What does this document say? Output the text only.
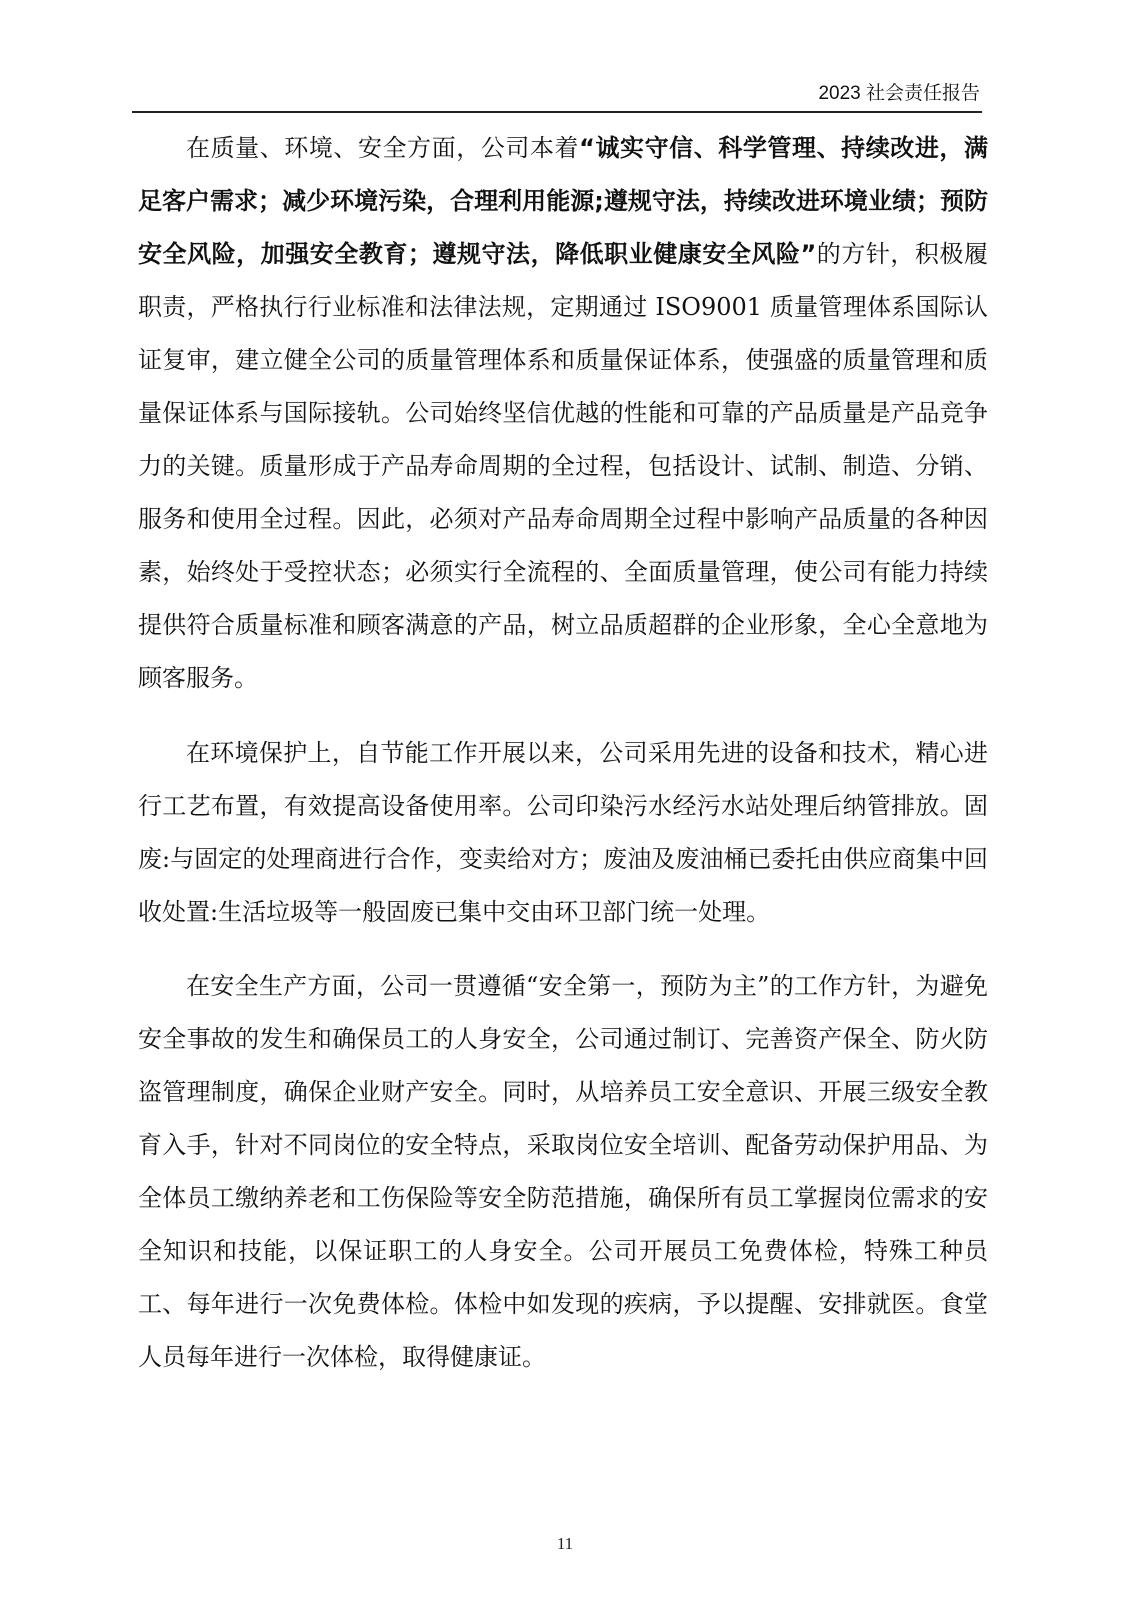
2023 社会责任报告

在质量、环境、安全方面，公司本着“诚实守信、科学管理、持续改进，满足客户需求；减少环境污染，合理利用能源;遵规守法，持续改进环境业绩；预防安全风险，加强安全教育；遵规守法，降低职业健康安全风险”的方针，积极履职责，严格执行行业标准和法律法规，定期通过 ISO9001 质量管理体系国际认证复审，建立健全公司的质量管理体系和质量保证体系，使强盛的质量管理和质量保证体系与国际接轨。公司始终坚信优越的性能和可靠的产品质量是产品竞争力的关键。质量形成于产品寿命周期的全过程，包括设计、试制、制造、分销、服务和使用全过程。因此，必须对产品寿命周期全过程中影响产品质量的各种因素，始终处于受控状态；必须实行全流程的、全面质量管理，使公司有能力持续提供符合质量标准和顾客满意的产品，树立品质超群的企业形象，全心全意地为顾客服务。

在环境保护上，自节能工作开展以来，公司采用先进的设备和技术，精心进行工艺布置，有效提高设备使用率。公司印染污水经污水站处理后纳管排放。固废:与固定的处理商进行合作，变卖给对方；废油及废油桶已委托由供应商集中回收处置:生活垃圾等一般固废已集中交由环卫部门统一处理。

在安全生产方面，公司一贯遵循“安全第一，预防为主”的工作方针，为避免安全事故的发生和确保员工的人身安全，公司通过制订、完善资产保全、防火防盗管理制度，确保企业财产安全。同时，从培养员工安全意识、开展三级安全教育入手，针对不同岗位的安全特点，采取岗位安全培训、配备劳动保护用品、为全体员工缴纳养老和工伤保险等安全防范措施，确保所有员工掌握岗位需求的安全知识和技能，以保证职工的人身安全。公司开展员工免费体检，特殊工种员工、每年进行一次免费体检。体检中如发现的疾病，予以提醒、安排就医。食堂人员每年进行一次体检，取得健康证。

11
